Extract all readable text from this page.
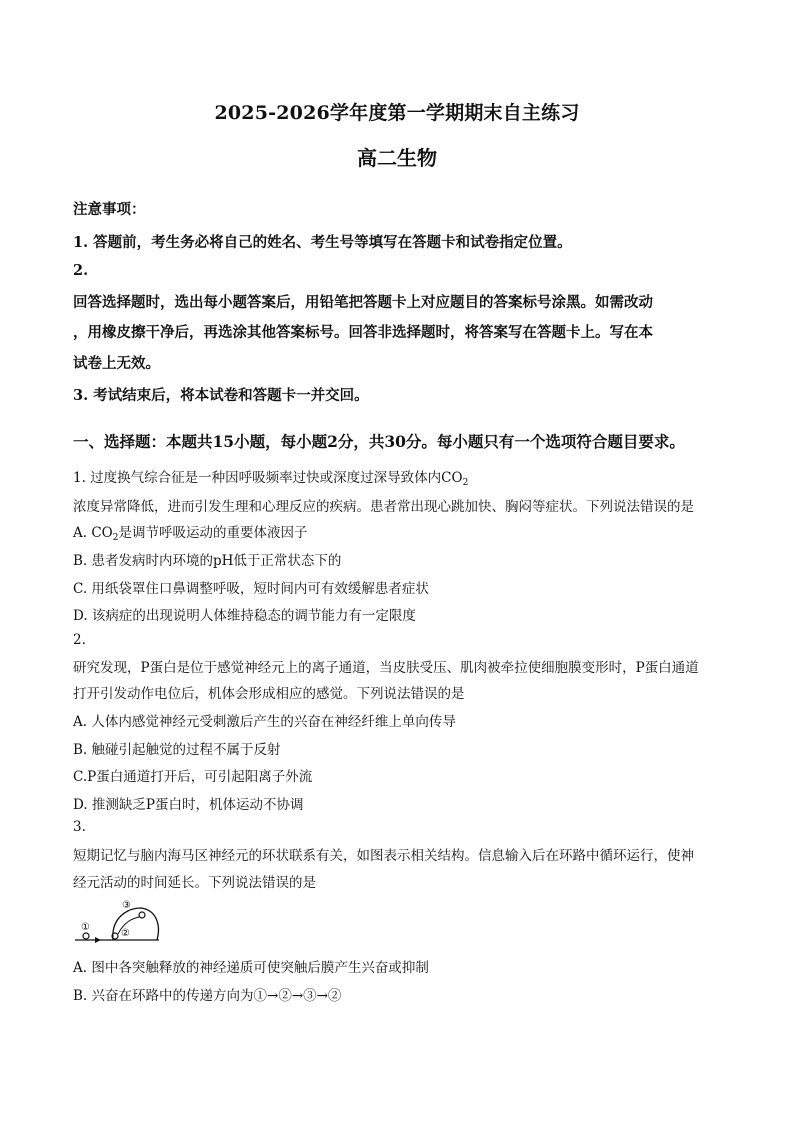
2025-2026学年度第一学期期末自主练习
高二生物
注意事项：
1. 答题前，考生务必将自己的姓名、考生号等填写在答题卡和试卷指定位置。
2.
回答选择题时，选出每小题答案后，用铅笔把答题卡上对应题目的答案标号涂黑。如需改动
，用橡皮擦干净后，再选涂其他答案标号。回答非选择题时，将答案写在答题卡上。写在本
试卷上无效。
3. 考试结束后，将本试卷和答题卡一并交回。
一、选择题：本题共15小题，每小题2分，共30分。每小题只有一个选项符合题目要求。
1. 过度换气综合征是一种因呼吸频率过快或深度过深导致体内$CO_2$
浓度异常降低，进而引发生理和心理反应的疾病。患者常出现心跳加快、胸闷等症状。下列说法错误的是
A. $CO_2$是调节呼吸运动的重要体液因子
B. 患者发病时内环境的pH低于正常状态下的
C. 用纸袋罩住口鼻调整呼吸，短时间内可有效缓解患者症状
D. 该病症的出现说明人体维持稳态的调节能力有一定限度
2.
研究发现，P蛋白是位于感觉神经元上的离子通道，当皮肤受压、肌肉被牵拉使细胞膜变形时，P蛋白通道
打开引发动作电位后，机体会形成相应的感觉。下列说法错误的是
A. 人体内感觉神经元受刺激后产生的兴奋在神经纤维上单向传导
B. 触碰引起触觉的过程不属于反射
C.P蛋白通道打开后，可引起阳离子外流
D. 推测缺乏P蛋白时，机体运动不协调
3.
短期记忆与脑内海马区神经元的环状联系有关，如图表示相关结构。信息输入后在环路中循环运行，使神
经元活动的时间延长。下列说法错误的是
①
②
③
A. 图中各突触释放的神经递质可使突触后膜产生兴奋或抑制
B. 兴奋在环路中的传递方向为①→②→③→②
